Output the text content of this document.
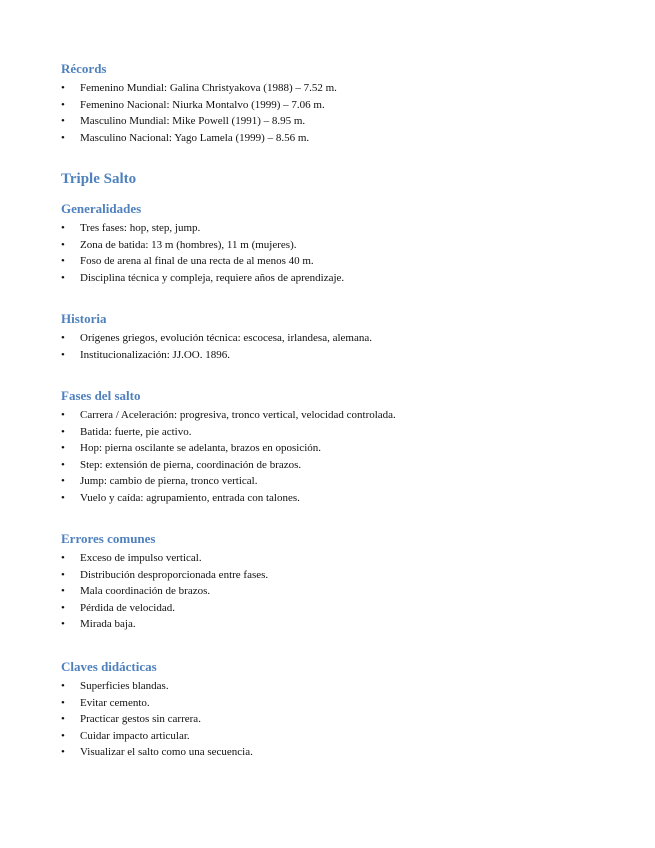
Récords
• Femenino Mundial: Galina Christyakova (1988) – 7.52 m.
• Femenino Nacional: Niurka Montalvo (1999) – 7.06 m.
• Masculino Mundial: Mike Powell (1991) – 8.95 m.
• Masculino Nacional: Yago Lamela (1999) – 8.56 m.
Triple Salto
Generalidades
• Tres fases: hop, step, jump.
• Zona de batida: 13 m (hombres), 11 m (mujeres).
• Foso de arena al final de una recta de al menos 40 m.
• Disciplina técnica y compleja, requiere años de aprendizaje.
Historia
• Orígenes griegos, evolución técnica: escocesa, irlandesa, alemana.
• Institucionalización: JJ.OO. 1896.
Fases del salto
• Carrera / Aceleración: progresiva, tronco vertical, velocidad controlada.
• Batida: fuerte, pie activo.
• Hop: pierna oscilante se adelanta, brazos en oposición.
• Step: extensión de pierna, coordinación de brazos.
• Jump: cambio de pierna, tronco vertical.
• Vuelo y caída: agrupamiento, entrada con talones.
Errores comunes
• Exceso de impulso vertical.
• Distribución desproporcionada entre fases.
• Mala coordinación de brazos.
• Pérdida de velocidad.
• Mirada baja.
Claves didácticas
• Superficies blandas.
• Evitar cemento.
• Practicar gestos sin carrera.
• Cuidar impacto articular.
• Visualizar el salto como una secuencia.
